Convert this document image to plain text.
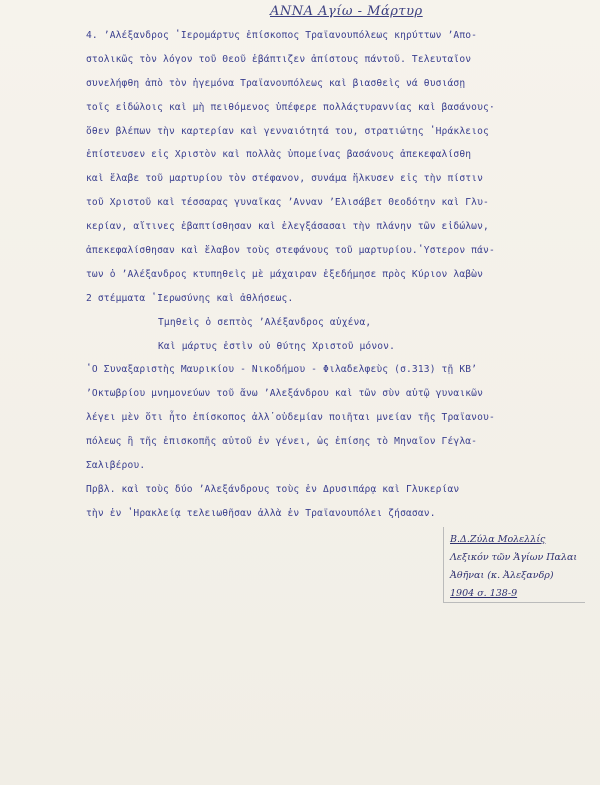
ΑΝΝΑ Αγίω - Μάρτυρ
4. ʼΑλέξανδρος ʽΙερομάρτυς ἐπίσκοπος Τραϊανουπόλεως κηρύττων ʼΑπο-
στολικῶς τὸν λόγον τοῦ Θεοῦ ἐβάπτιζεν ἀπίστους πάντοῦ. Τελευταῖον
συνελήφθη ἀπὸ τὸν ἡγεμόνα Τραϊανουπόλεως καὶ βιασθεὶς νά θυσιάσῃ
τοῖς εἰδώλοις καὶ μὴ πειθόμενος ὑπέφερε πολλάςτυραννίας καὶ βασάνους·
ὅθεν βλέπων τὴν καρτερίαν καὶ γενναιότητά του, στρατιώτης ʽΗράκλειος
ἐπίστευσεν εἰς Χριστὸν καὶ πολλὰς ὑπομείνας βασάνους ἀπεκεφαλίσθη
καὶ ἔλαβε τοῦ μαρτυρίου τὸν στέφανον, συνάμα ἥλκυσεν εἰς τὴν πίστιν
τοῦ Χριστοῦ καὶ τέσσαρας γυναῖκας ʼΑνναν ʼΕλισάβετ Θεοδότην καὶ Γλυ-
κερίαν, αἵτινες ἐβαπτίσθησαν καὶ ἐλεγξάσασαι τὴν πλάνην τῶν εἰδώλων,
ἀπεκεφαλίσθησαν καὶ ἔλαβον τοὺς στεφάνους τοῦ μαρτυρίου.ʽΥστερον πάν-
των ὁ ʼΑλέξανδρος κτυπηθεὶς μὲ μάχαιραν ἐξεδήμησε πρὸς Κύριον λαβὼν
2 στέμματα ʽΙερωσύνης καὶ ἀθλήσεως.
Τμηθεὶς ὁ σεπτὸς ʼΑλέξανδρος αὐχένα,
Καὶ μάρτυς ἐστὶν οὐ θύτης Χριστοῦ μόνον.
ʽΟ Συναξαριστὴς Μαυρικίου - Νικοδήμου - Φιλαδελφεὺς (σ.313) τῇ ΚΒʼ
ʼΟκτωβρίου μνημονεύων τοῦ ἄνω ʼΑλεξάνδρου καὶ τῶν σὺν αὐτῷ γυναικῶν
λέγει μὲν ὅτι ἦτο ἐπίσκοπος ἀλλ᾽οὐδεμίαν ποιῆται μνείαν τῆς Τραϊανου-
πόλεως ἢ τῆς ἐπισκοπῆς αὐτοῦ ἐν γένει, ὡς ἐπίσης τὸ Μηναῖον Γέγλα-
Σαλιβέρου.
Πρβλ. καὶ τοὺς δύο ʼΑλεξάνδρους τοὺς ἐν Δρυσιπάρᾳ καὶ Γλυκερίαν
τὴν ἐν ʽΗρακλείᾳ τελειωθῆσαν ἀλλὰ ἐν Τραϊανουπόλει ζήσασαν.
Β.Δ.Ζύλα Μολελλίς
Λεξικόν τῶν Ἁγίων Παλαι
Ἀθῆναι (κ. Ἀλεξανδρ)
1904 σ. 138-9
